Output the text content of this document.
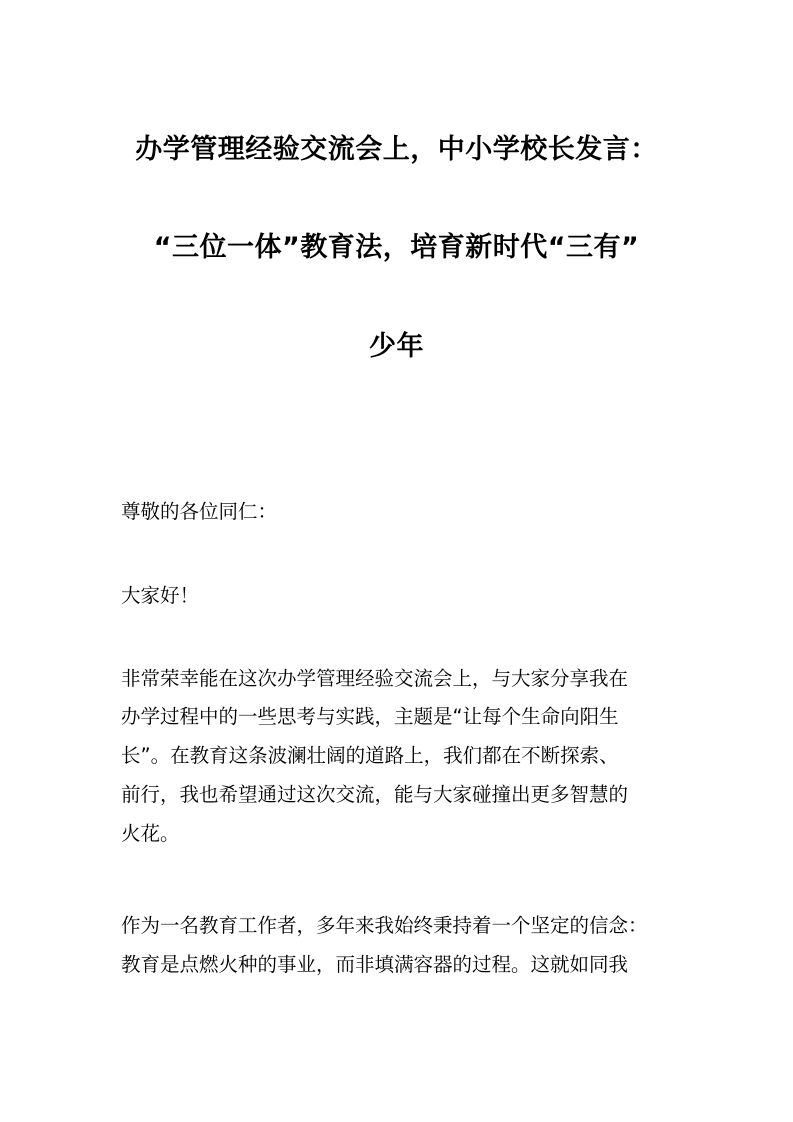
办学管理经验交流会上，中小学校长发言：
“三位一体”教育法，培育新时代“三有”
少年
尊敬的各位同仁：
大家好！
非常荣幸能在这次办学管理经验交流会上，与大家分享我在
办学过程中的一些思考与实践，主题是“让每个生命向阳生
长”。在教育这条波澜壮阔的道路上，我们都在不断探索、
前行，我也希望通过这次交流，能与大家碰撞出更多智慧的
火花。
作为一名教育工作者，多年来我始终秉持着一个坚定的信念：
教育是点燃火种的事业，而非填满容器的过程。这就如同我
